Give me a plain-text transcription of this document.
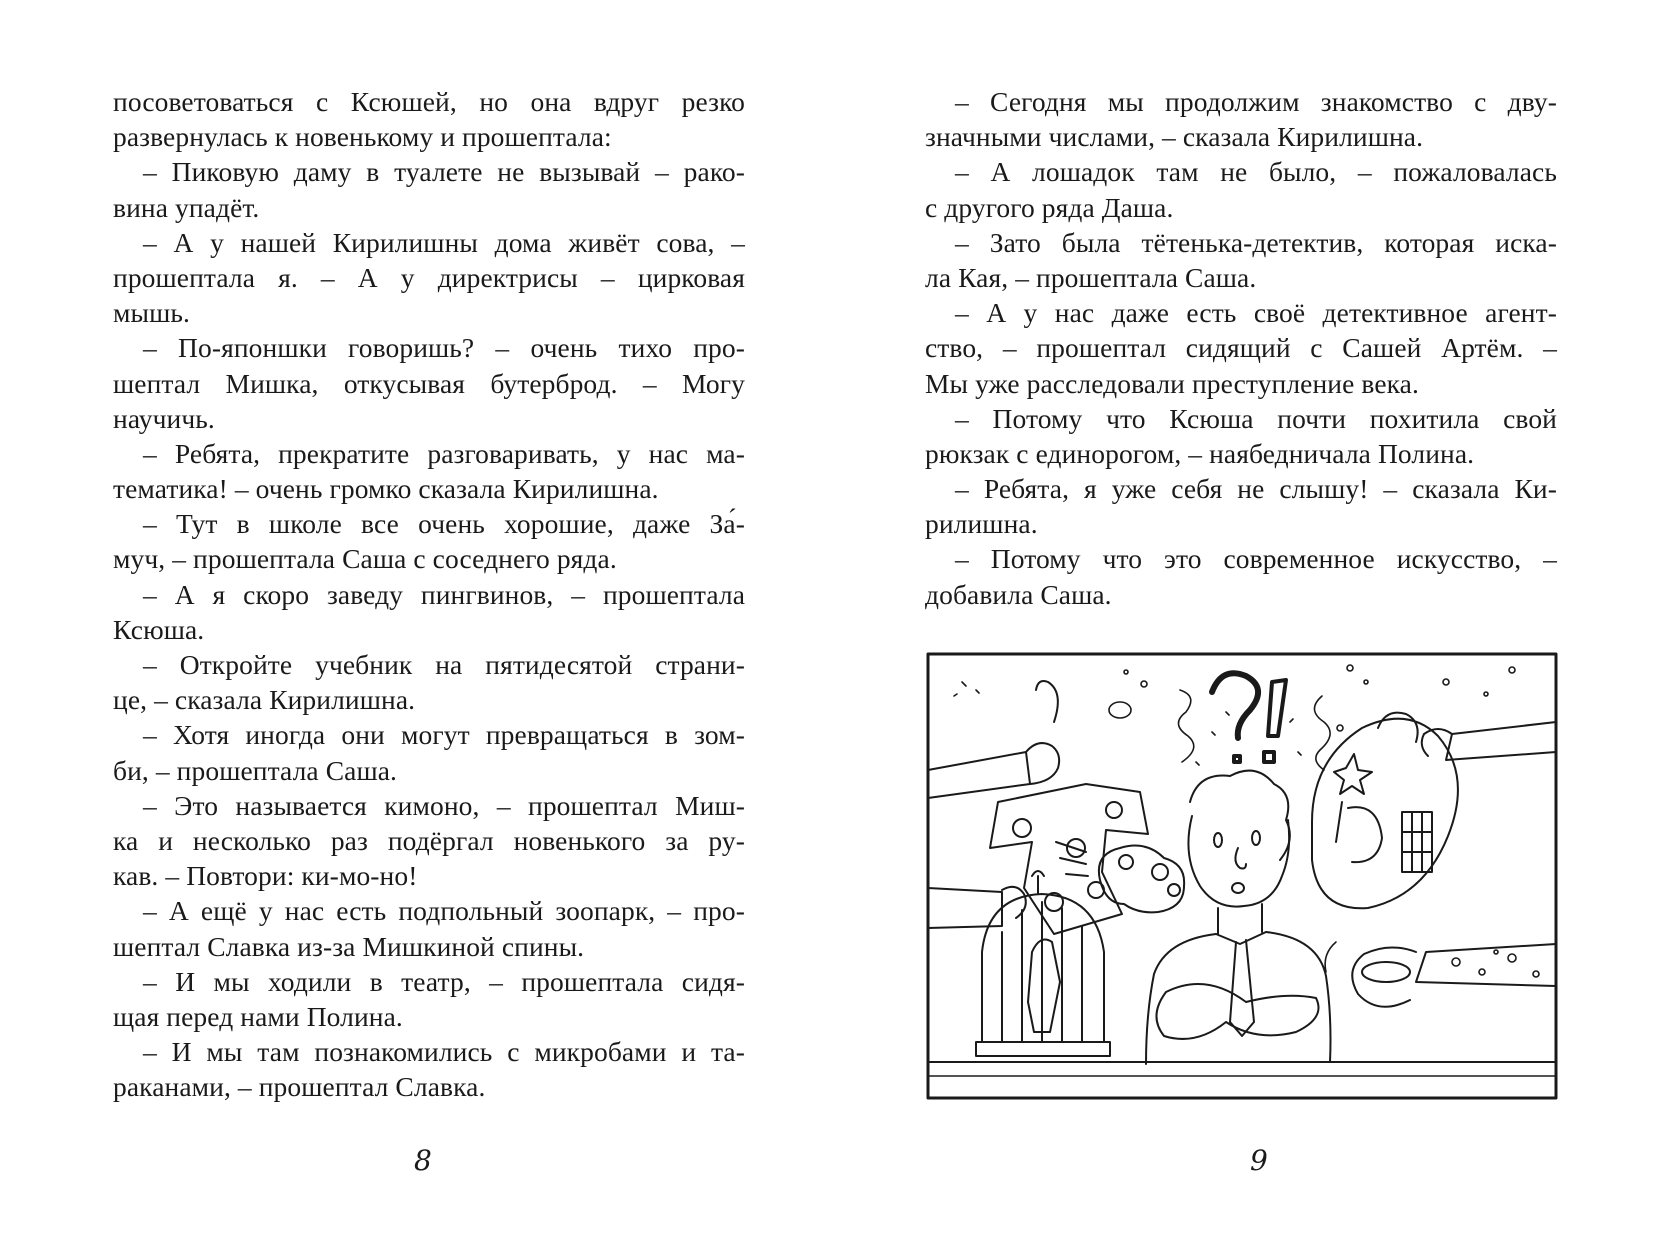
посоветоваться с Ксюшей, но она вдруг резко
развернулась к новенькому и прошептала:
– Пиковую даму в туалете не вызывай – рако-
вина упадёт.
– А у нашей Кирилишны дома живёт сова, –
прошептала я. – А у директрисы – цирковая
мышь.
– По-японшки говоришь? – очень тихо про-
шептал Мишка, откусывая бутерброд. – Могу
научичь.
– Ребята, прекратите разговаривать, у нас ма-
тематика! – очень громко сказала Кирилишна.
– Тут в школе все очень хорошие, даже За́-
муч, – прошептала Саша с соседнего ряда.
– А я скоро заведу пингвинов, – прошептала
Ксюша.
– Откройте учебник на пятидесятой страни-
це, – сказала Кирилишна.
– Хотя иногда они могут превращаться в зом-
би, – прошептала Саша.
– Это называется кимоно, – прошептал Миш-
ка и несколько раз подёргал новенького за ру-
кав. – Повтори: ки-мо-но!
– А ещё у нас есть подпольный зоопарк, – про-
шептал Славка из-за Мишкиной спины.
– И мы ходили в театр, – прошептала сидя-
щая перед нами Полина.
– И мы там познакомились с микробами и та-
раканами, – прошептал Славка.
8
– Сегодня мы продолжим знакомство с дву-
значными числами, – сказала Кирилишна.
– А лошадок там не было, – пожаловалась
с другого ряда Даша.
– Зато была тётенька-детектив, которая иска-
ла Кая, – прошептала Саша.
– А у нас даже есть своё детективное агент-
ство, – прошептал сидящий с Сашей Артём. –
Мы уже расследовали преступление века.
– Потому что Ксюша почти похитила свой
рюкзак с единорогом, – наябедничала Полина.
– Ребята, я уже себя не слышу! – сказала Ки-
рилишна.
– Потому что это современное искусство, –
добавила Саша.
9
